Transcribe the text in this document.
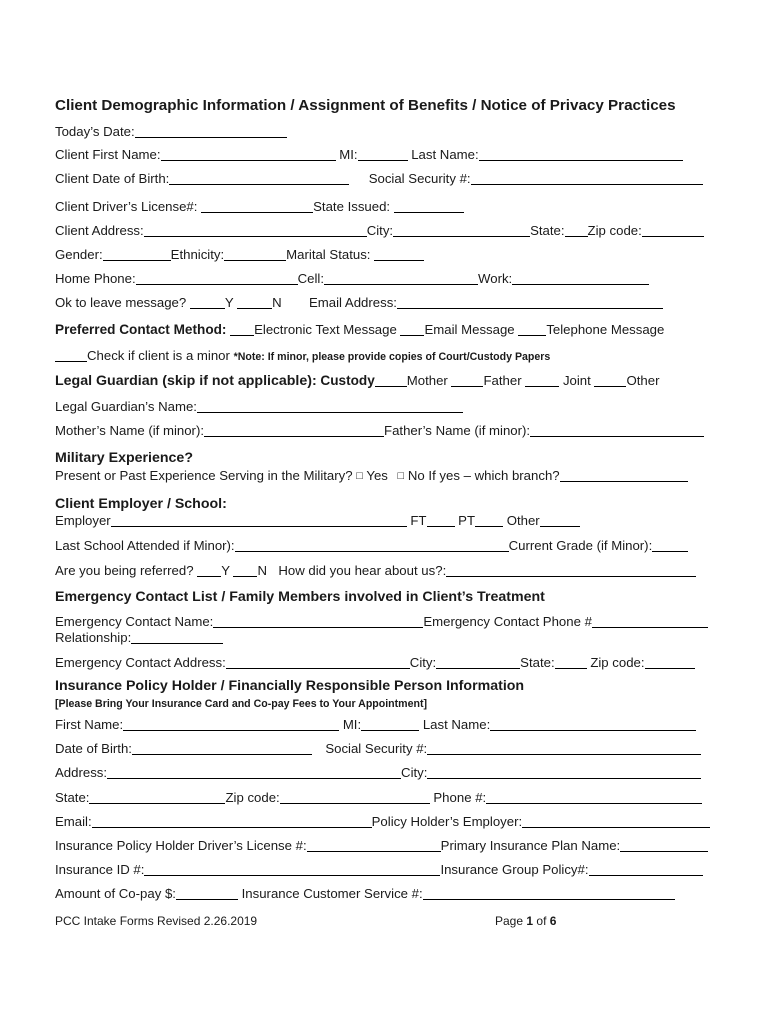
Client Demographic Information / Assignment of Benefits / Notice of Privacy Practices
Today’s Date:
Client First Name:	MI:	Last Name:
Client Date of Birth:	Social Security #:
Client Driver’s License#:	State Issued:
Client Address:	City:	State: Zip code:
Gender:	Ethnicity:	Marital Status:
Home Phone:	Cell:	Work:
Ok to leave message?	Y	N Email Address:
Preferred Contact Method: Electronic Text Message Email Message Telephone Message
Check if client is a minor *Note: If minor, please provide copies of Court/Custody Papers
Legal Guardian (skip if not applicable): Custody Mother	Father	Joint	Other
Legal Guardian’s Name:
Mother’s Name (if minor):	Father’s Name (if minor):
Military Experience?
Present or Past Experience Serving in the Military? □ Yes □ No If yes – which branch?
Client Employer / School:
Employer	FT PT Other
Last School Attended if Minor):	Current Grade (if Minor):
Are you being referred? Y N How did you hear about us?:
Emergency Contact List / Family Members involved in Client’s Treatment
Emergency Contact Name:	Emergency Contact Phone #
Relationship:
Emergency Contact Address:	City:	State:	Zip code:
Insurance Policy Holder / Financially Responsible Person Information
[Please Bring Your Insurance Card and Co-pay Fees to Your Appointment]
First Name:	MI:	Last Name:
Date of Birth:	Social Security #:
Address:	City:
State:	Zip code:	Phone #:
Email:	Policy Holder’s Employer:
Insurance Policy Holder Driver’s License #:	Primary Insurance Plan Name:
Insurance ID #:	Insurance Group Policy#:
Amount of Co-pay $:	Insurance Customer Service #:
PCC Intake Forms Revised 2.26.2019	Page 1 of 6
